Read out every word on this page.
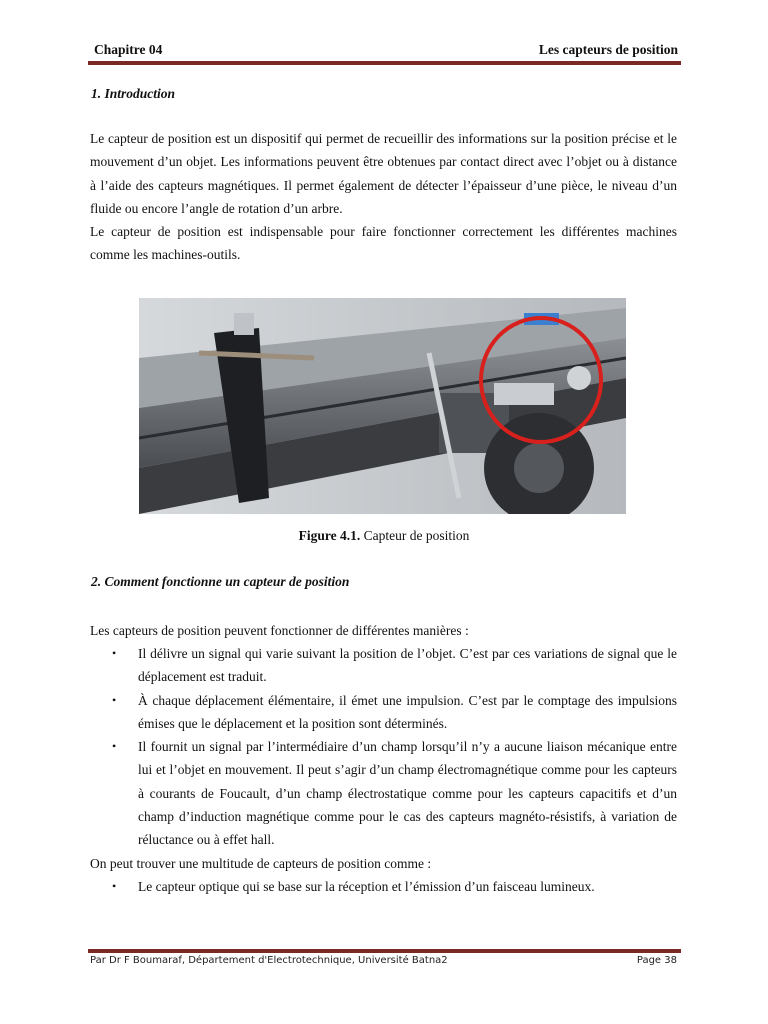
Chapitre 04	Les capteurs de position
1. Introduction
Le capteur de position est un dispositif qui permet de recueillir des informations sur la position précise et le mouvement d’un objet. Les informations peuvent être obtenues par contact direct avec l’objet ou à distance à l’aide des capteurs magnétiques. Il permet également de détecter l’épaisseur d’une pièce, le niveau d’un fluide ou encore l’angle de rotation d’un arbre.
Le capteur de position est indispensable pour faire fonctionner correctement les différentes machines comme les machines-outils.
Figure 4.1. Capteur de position
2. Comment fonctionne un capteur de position
Les capteurs de position peuvent fonctionner de différentes manières :
•	Il délivre un signal qui varie suivant la position de l’objet. C’est par ces variations de signal que le déplacement est traduit.
•	À chaque déplacement élémentaire, il émet une impulsion. C’est par le comptage des impulsions émises que le déplacement et la position sont déterminés.
•	Il fournit un signal par l’intermédiaire d’un champ lorsqu’il n’y a aucune liaison mécanique entre lui et l’objet en mouvement. Il peut s’agir d’un champ électromagnétique comme pour les capteurs à courants de Foucault, d’un champ électrostatique comme pour les capteurs capacitifs et d’un champ d’induction magnétique comme pour le cas des capteurs magnéto-résistifs, à variation de réluctance ou à effet hall.
On peut trouver une multitude de capteurs de position comme :
•	Le capteur optique qui se base sur la réception et l’émission d’un faisceau lumineux.
Par Dr F Boumaraf, Département d'Electrotechnique, Université Batna2	Page 38
